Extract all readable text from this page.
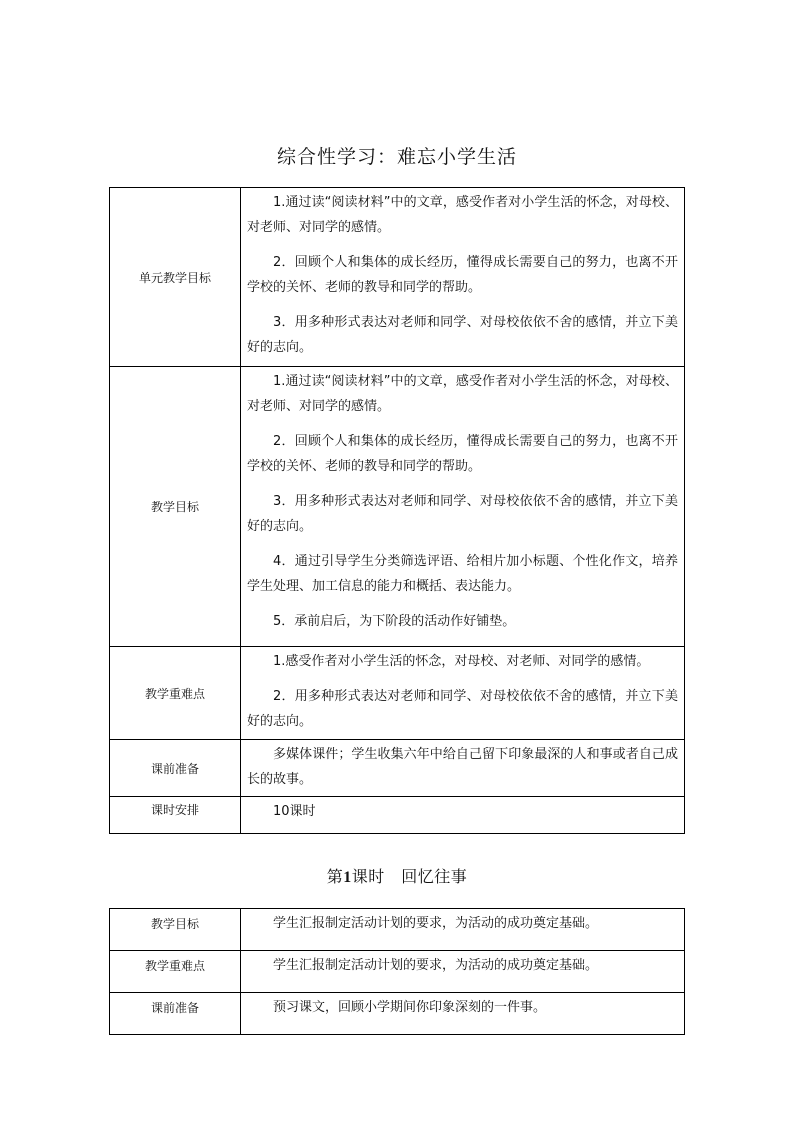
综合性学习：难忘小学生活
单元教学目标	1.通过读“阅读材料”中的文章，感受作者对小学生活的怀念，对母校、对老师、对同学的感情。

2．回顾个人和集体的成长经历，懂得成长需要自己的努力，也离不开学校的关怀、老师的教导和同学的帮助。

3．用多种形式表达对老师和同学、对母校依依不舍的感情，并立下美好的志向。

教学目标	1.通过读“阅读材料”中的文章，感受作者对小学生活的怀念，对母校、对老师、对同学的感情。

2．回顾个人和集体的成长经历，懂得成长需要自己的努力，也离不开学校的关怀、老师的教导和同学的帮助。

3．用多种形式表达对老师和同学、对母校依依不舍的感情，并立下美好的志向。

4．通过引导学生分类筛选评语、给相片加小标题、个性化作文，培养学生处理、加工信息的能力和概括、表达能力。

5．承前启后，为下阶段的活动作好铺垫。

教学重难点	1.感受作者对小学生活的怀念，对母校、对老师、对同学的感情。

2．用多种形式表达对老师和同学、对母校依依不舍的感情，并立下美好的志向。

课前准备	多媒体课件；学生收集六年中给自己留下印象最深的人和事或者自己成长的故事。

课时安排	10课时

第1课时　回忆往事
教学目标	学生汇报制定活动计划的要求，为活动的成功奠定基础。

教学重难点	学生汇报制定活动计划的要求，为活动的成功奠定基础。

课前准备	预习课文，回顾小学期间你印象深刻的一件事。
